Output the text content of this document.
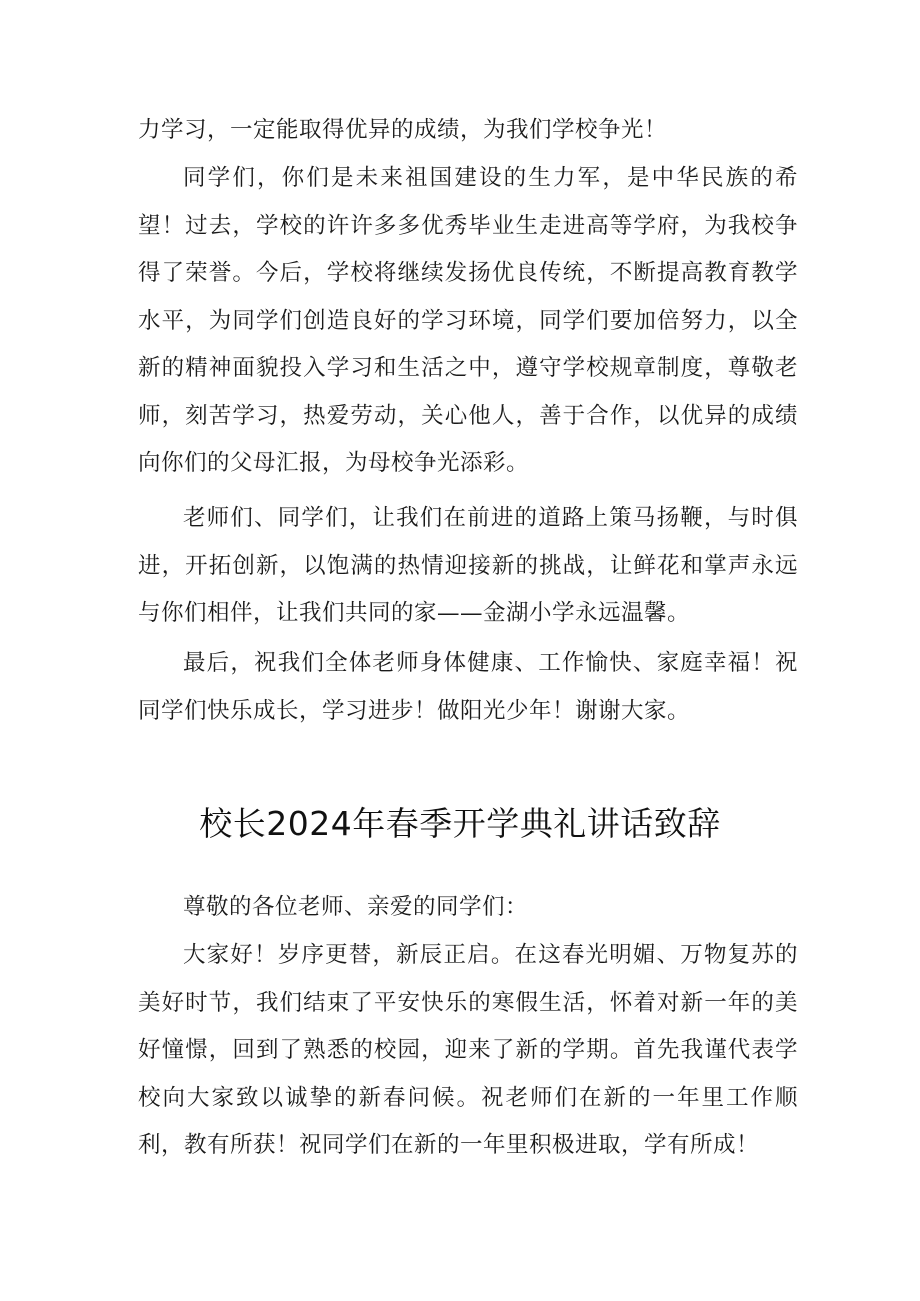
力学习，一定能取得优异的成绩，为我们学校争光！

同学们，你们是未来祖国建设的生力军，是中华民族的希望！过去，学校的许许多多优秀毕业生走进高等学府，为我校争得了荣誉。今后，学校将继续发扬优良传统，不断提高教育教学水平，为同学们创造良好的学习环境，同学们要加倍努力，以全新的精神面貌投入学习和生活之中，遵守学校规章制度，尊敬老师，刻苦学习，热爱劳动，关心他人，善于合作，以优异的成绩向你们的父母汇报，为母校争光添彩。

老师们、同学们，让我们在前进的道路上策马扬鞭，与时俱进，开拓创新，以饱满的热情迎接新的挑战，让鲜花和掌声永远与你们相伴，让我们共同的家——金湖小学永远温馨。

最后，祝我们全体老师身体健康、工作愉快、家庭幸福！祝同学们快乐成长，学习进步！做阳光少年！谢谢大家。

校长2024年春季开学典礼讲话致辞

尊敬的各位老师、亲爱的同学们：

大家好！岁序更替，新辰正启。在这春光明媚、万物复苏的美好时节，我们结束了平安快乐的寒假生活，怀着对新一年的美好憧憬，回到了熟悉的校园，迎来了新的学期。首先我谨代表学校向大家致以诚挚的新春问候。祝老师们在新的一年里工作顺利，教有所获！祝同学们在新的一年里积极进取，学有所成！
